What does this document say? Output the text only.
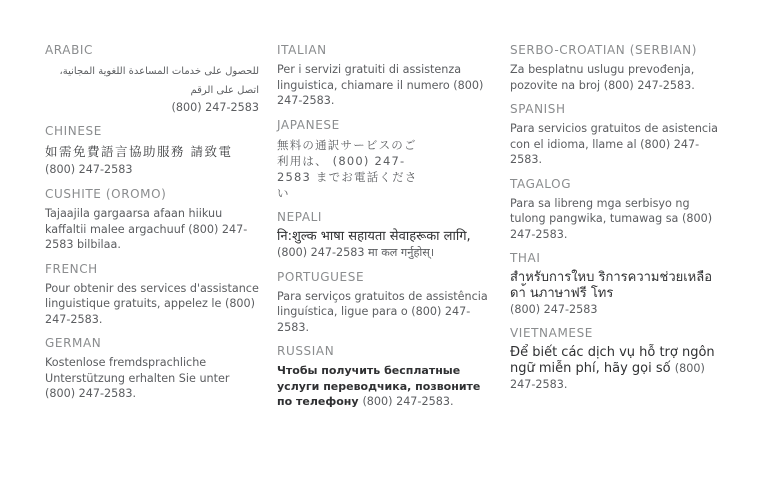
ARABIC
للحصول على خدمات المساعدة اللغوية المجانية، اتصل على الرقم
(800) 247-2583
CHINESE
如需免費語言協助服務 請致電 (800) 247-2583
CUSHITE (OROMO)
Tajaajila gargaarsa afaan hiikuu kaffaltii malee argachuuf (800) 247-2583 bilbilaa.
FRENCH
Pour obtenir des services d'assistance linguistique gratuits, appelez le (800) 247-2583.
GERMAN
Kostenlose fremdsprachliche Unterstützung erhalten Sie unter (800) 247-2583.
ITALIAN
Per i servizi gratuiti di assistenza linguistica, chiamare il numero (800) 247-2583.
JAPANESE
無料の通訳サービスのご利用は、 (800) 247-2583 までお電話ください
NEPALI
नि:शुल्क भाषा सहायता सेवाहरूका लागि, (800) 247-2583 मा कल गर्नुहोस्।
PORTUGUESE
Para serviços gratuitos de assistência linguística, ligue para o (800) 247-2583.
RUSSIAN
Чтобы получить бесплатные услуги переводчика, позвоните по телефону (800) 247-2583.
SERBO-CROATIAN (SERBIAN)
Za besplatnu uslugu prevođenja, pozovite na broj (800) 247-2583.
SPANISH
Para servicios gratuitos de asistencia con el idioma, llame al (800) 247-2583.
TAGALOG
Para sa libreng mga serbisyo ng tulong pangwika, tumawag sa (800) 247-2583.
THAI
สำหรับการใหบ ริการความช่วยเหลือดา้ นภาษาฟรี โทร
(800) 247-2583
VIETNAMESE
Để biết các dịch vụ hỗ trợ ngôn ngữ miễn phí, hãy gọi số (800) 247-2583.
